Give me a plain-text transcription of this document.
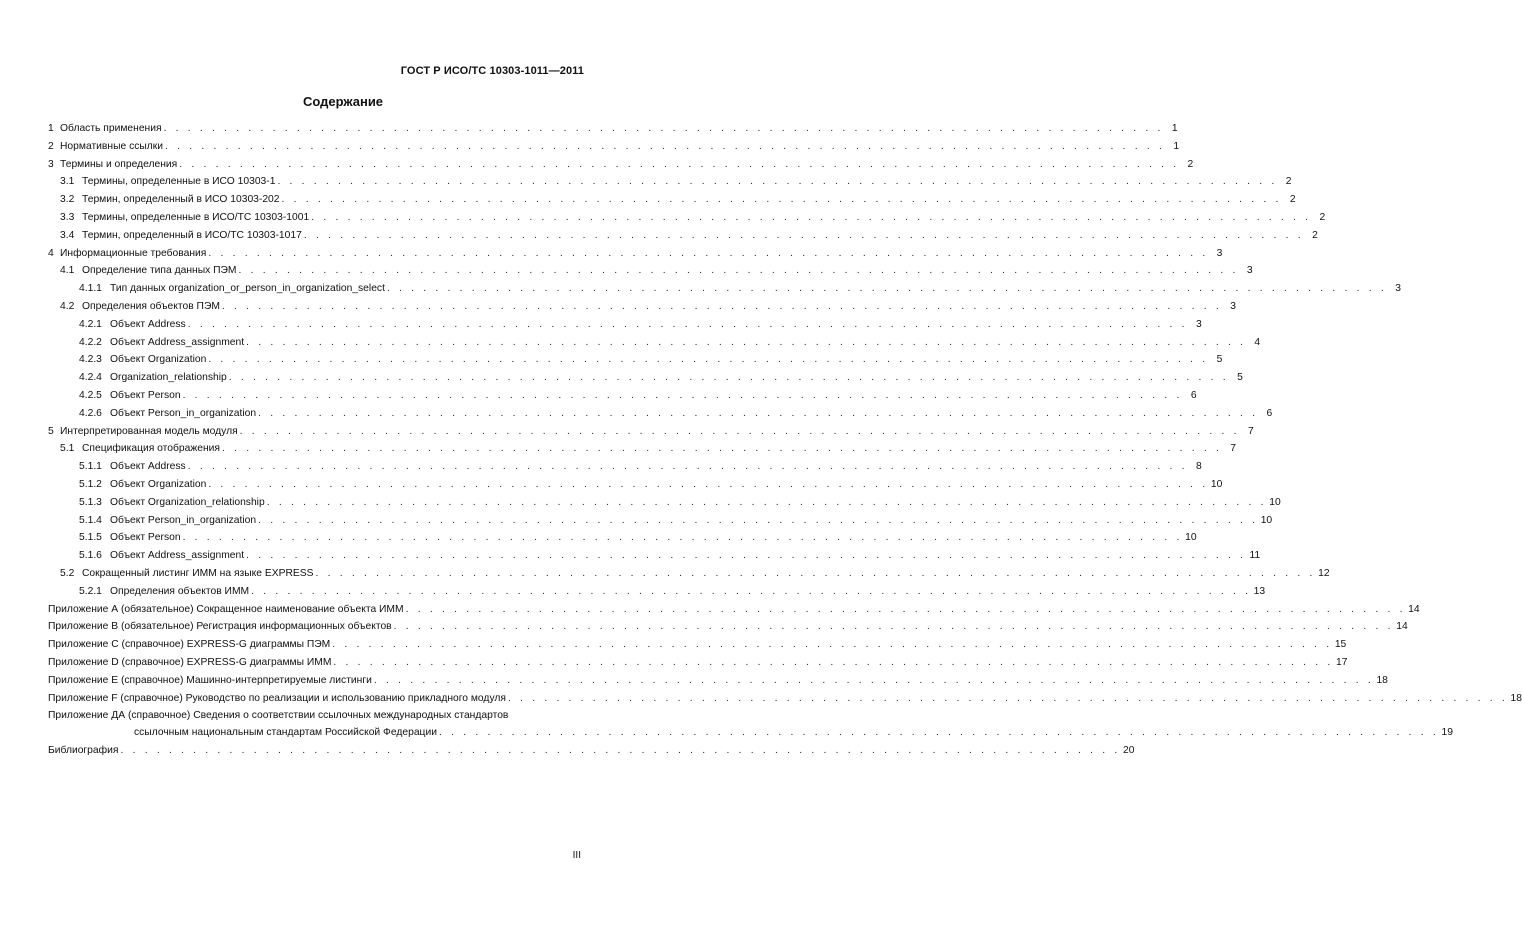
ГОСТ Р ИСО/ТС 10303-1011—2011
Содержание
1 Область применения . . . . . . . . . . . . . . . . . . . . . . . . . . . . . . . . . . . . . . . . . . . . . . . . . . . . . . . . . . . . . . . . . . . . . . . . . . . . . . . . . . . 1
2 Нормативные ссылки . . . . . . . . . . . . . . . . . . . . . . . . . . . . . . . . . . . . . . . . . . . . . . . . . . . . . . . . . . . . . . . . . . . . . . . . . . . . . . . . . . . 1
3 Термины и определения . . . . . . . . . . . . . . . . . . . . . . . . . . . . . . . . . . . . . . . . . . . . . . . . . . . . . . . . . . . . . . . . . . . . . . . . . . . . . . . . . . . 2
3.1 Термины, определенные в ИСО 10303-1 . . . . . . . . . . . . . . . . . . . . . . . . . . . . . . . . . . . . . . . . . . . . . . . . . . . . . . . . . . . . . . . . . . . . . . . . . . . . . . . . . . . 2
3.2 Термин, определенный в ИСО 10303-202 . . . . . . . . . . . . . . . . . . . . . . . . . . . . . . . . . . . . . . . . . . . . . . . . . . . . . . . . . . . . . . . . . . . . . . . . . . . . . . . . . . . 2
3.3 Термины, определенные в ИСО/ТС 10303-1001 . . . . . . . . . . . . . . . . . . . . . . . . . . . . . . . . . . . . . . . . . . . . . . . . . . . . . . . . . . . . . . . . . . . . . . . . . . . . . . . . . . . 2
3.4 Термин, определенный в ИСО/ТС 10303-1017 . . . . . . . . . . . . . . . . . . . . . . . . . . . . . . . . . . . . . . . . . . . . . . . . . . . . . . . . . . . . . . . . . . . . . . . . . . . . . . . . . . . 2
4 Информационные требования . . . . . . . . . . . . . . . . . . . . . . . . . . . . . . . . . . . . . . . . . . . . . . . . . . . . . . . . . . . . . . . . . . . . . . . . . . . . . . . . . . . 3
4.1 Определение типа данных ПЭМ . . . . . . . . . . . . . . . . . . . . . . . . . . . . . . . . . . . . . . . . . . . . . . . . . . . . . . . . . . . . . . . . . . . . . . . . . . . . . . . . . . . 3
4.1.1 Тип данных organization_or_person_in_organization_select . . . . . . . . . . . . . . . . . . . . . . . . . . . . . . . . . . . . . . . . . . . . . . . . . . . . . . . . . . . . . . . . . . . . . . . . . . . . . . . . . . . 3
4.2 Определения объектов ПЭМ . . . . . . . . . . . . . . . . . . . . . . . . . . . . . . . . . . . . . . . . . . . . . . . . . . . . . . . . . . . . . . . . . . . . . . . . . . . . . . . . . . . 3
4.2.1 Объект Address . . . . . . . . . . . . . . . . . . . . . . . . . . . . . . . . . . . . . . . . . . . . . . . . . . . . . . . . . . . . . . . . . . . . . . . . . . . . . . . . . . . 3
4.2.2 Объект Address_assignment . . . . . . . . . . . . . . . . . . . . . . . . . . . . . . . . . . . . . . . . . . . . . . . . . . . . . . . . . . . . . . . . . . . . . . . . . . . . . . . . . . . 4
4.2.3 Объект Organization . . . . . . . . . . . . . . . . . . . . . . . . . . . . . . . . . . . . . . . . . . . . . . . . . . . . . . . . . . . . . . . . . . . . . . . . . . . . . . . . . . . 5
4.2.4 Organization_relationship . . . . . . . . . . . . . . . . . . . . . . . . . . . . . . . . . . . . . . . . . . . . . . . . . . . . . . . . . . . . . . . . . . . . . . . . . . . . . . . . . . . 5
4.2.5 Объект Person . . . . . . . . . . . . . . . . . . . . . . . . . . . . . . . . . . . . . . . . . . . . . . . . . . . . . . . . . . . . . . . . . . . . . . . . . . . . . . . . . . . 6
4.2.6 Объект Person_in_organization . . . . . . . . . . . . . . . . . . . . . . . . . . . . . . . . . . . . . . . . . . . . . . . . . . . . . . . . . . . . . . . . . . . . . . . . . . . . . . . . . . . 6
5 Интерпретированная модель модуля . . . . . . . . . . . . . . . . . . . . . . . . . . . . . . . . . . . . . . . . . . . . . . . . . . . . . . . . . . . . . . . . . . . . . . . . . . . . . . . . . . . 7
5.1 Спецификация отображения . . . . . . . . . . . . . . . . . . . . . . . . . . . . . . . . . . . . . . . . . . . . . . . . . . . . . . . . . . . . . . . . . . . . . . . . . . . . . . . . . . . 7
5.1.1 Объект Address . . . . . . . . . . . . . . . . . . . . . . . . . . . . . . . . . . . . . . . . . . . . . . . . . . . . . . . . . . . . . . . . . . . . . . . . . . . . . . . . . . . 8
5.1.2 Объект Organization . . . . . . . . . . . . . . . . . . . . . . . . . . . . . . . . . . . . . . . . . . . . . . . . . . . . . . . . . . . . . . . . . . . . . . . . . . . . . . . . . . . 10
5.1.3 Объект Organization_relationship . . . . . . . . . . . . . . . . . . . . . . . . . . . . . . . . . . . . . . . . . . . . . . . . . . . . . . . . . . . . . . . . . . . . . . . . . . . . . . . . . . . 10
5.1.4 Объект Person_in_organization . . . . . . . . . . . . . . . . . . . . . . . . . . . . . . . . . . . . . . . . . . . . . . . . . . . . . . . . . . . . . . . . . . . . . . . . . . . . . . . . . . . 10
5.1.5 Объект Person . . . . . . . . . . . . . . . . . . . . . . . . . . . . . . . . . . . . . . . . . . . . . . . . . . . . . . . . . . . . . . . . . . . . . . . . . . . . . . . . . . . 10
5.1.6 Объект Address_assignment . . . . . . . . . . . . . . . . . . . . . . . . . . . . . . . . . . . . . . . . . . . . . . . . . . . . . . . . . . . . . . . . . . . . . . . . . . . . . . . . . . . 11
5.2 Сокращенный листинг ИММ на языке EXPRESS . . . . . . . . . . . . . . . . . . . . . . . . . . . . . . . . . . . . . . . . . . . . . . . . . . . . . . . . . . . . . . . . . . . . . . . . . . . . . . . . . . . 12
5.2.1 Определения объектов ИММ . . . . . . . . . . . . . . . . . . . . . . . . . . . . . . . . . . . . . . . . . . . . . . . . . . . . . . . . . . . . . . . . . . . . . . . . . . . . . . . . . . . 13
Приложение А (обязательное) Сокращенное наименование объекта ИММ . . . . . . . . . . . . . . . . . . . . . . . . . . . . . . . . . . . . . . . . . . . . . . . . . . . . . . . . . . . . . . . . . . . . . . . . . . . . . . . . . . . 14
Приложение В (обязательное) Регистрация информационных объектов . . . . . . . . . . . . . . . . . . . . . . . . . . . . . . . . . . . . . . . . . . . . . . . . . . . . . . . . . . . . . . . . . . . . . . . . . . . . . . . . . . . 14
Приложение С (справочное) EXPRESS-G диаграммы ПЭМ . . . . . . . . . . . . . . . . . . . . . . . . . . . . . . . . . . . . . . . . . . . . . . . . . . . . . . . . . . . . . . . . . . . . . . . . . . . . . . . . . . . 15
Приложение D (справочное) EXPRESS-G диаграммы ИММ . . . . . . . . . . . . . . . . . . . . . . . . . . . . . . . . . . . . . . . . . . . . . . . . . . . . . . . . . . . . . . . . . . . . . . . . . . . . . . . . . . . 17
Приложение Е (справочное) Машинно-интерпретируемые листинги . . . . . . . . . . . . . . . . . . . . . . . . . . . . . . . . . . . . . . . . . . . . . . . . . . . . . . . . . . . . . . . . . . . . . . . . . . . . . . . . . . . 18
Приложение F (справочное) Руководство по реализации и использованию прикладного модуля . . . . . . . . . . . . . . . . . . . . . . . . . . . . . . . . . . . . . . . . . . . . . . . . . . . . . . . . . . . . . . . . . . . . . . . . . . . . . . . . . . . 18
Приложение ДА (справочное) Сведения о соответствии ссылочных международных стандартов
ссылочным национальным стандартам Российской Федерации . . . . . . . . . . . . . . . . . . . . . . . . . . . . . . . . . . . . . . . . . . . . . . . . . . . . . . . . . . . . . . . . . . . . . . . . . . . . . . . . . . . 19
Библиография . . . . . . . . . . . . . . . . . . . . . . . . . . . . . . . . . . . . . . . . . . . . . . . . . . . . . . . . . . . . . . . . . . . . . . . . . . . . . . . . . . . 20
III
